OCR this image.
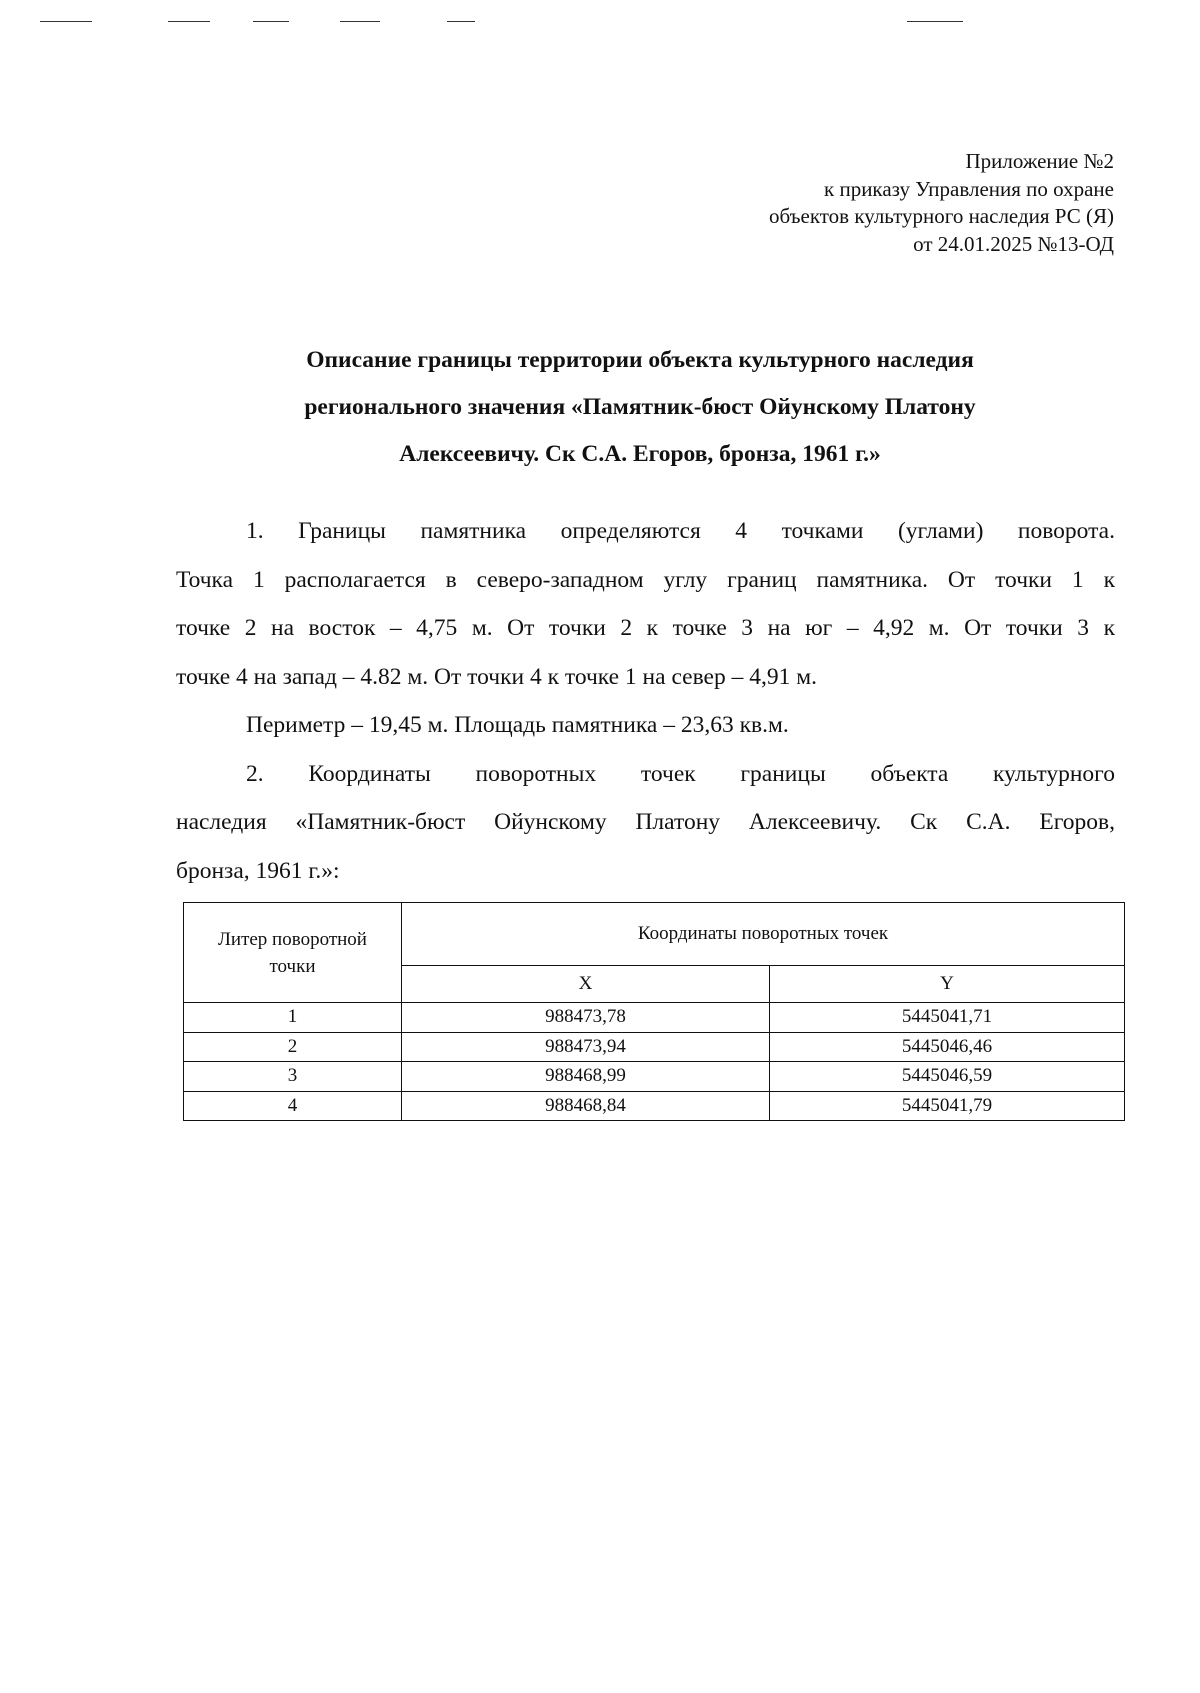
Приложение №2
к приказу Управления по охране
объектов культурного наследия РС (Я)
от 24.01.2025 №13-ОД
Описание границы территории объекта культурного наследия
регионального значения «Памятник-бюст Ойунскому Платону
Алексеевичу. Ск С.А. Егоров, бронза, 1961 г.»

1. Границы памятника определяются 4 точками (углами) поворота.

Точка 1 располагается в северо-западном углу границ памятника. От точки 1 к

точке 2 на восток – 4,75 м. От точки 2 к точке 3 на юг – 4,92 м. От точки 3 к

точке 4 на запад – 4.82 м. От точки 4 к точке 1 на север – 4,91 м.

Периметр – 19,45 м. Площадь памятника – 23,63 кв.м.

2. Координаты поворотных точек границы объекта культурного

наследия «Памятник-бюст Ойунскому Платону Алексеевичу. Ск С.А. Егоров,

бронза, 1961 г.»:

Литер поворотной
точки	Координаты поворотных точек	
	X	Y
1	988473,78	5445041,71
2	988473,94	5445046,46
3	988468,99	5445046,59
4	988468,84	5445041,79
